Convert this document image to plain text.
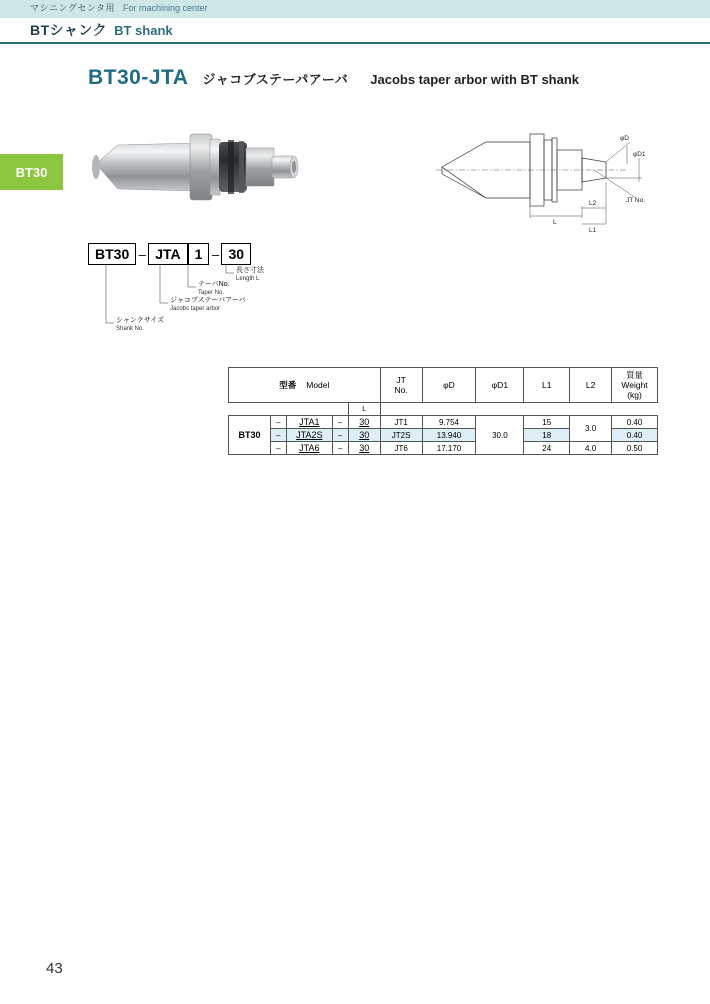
マシニングセンタ用 For machining center
BTシャンク BT shank
BT30-JTA ジャコブステーパアーバ Jacobs taper arbor with BT shank
BT30
φD
φD1
JT No.
L
L2
L1
BT30 – JTA	1 – 30
長さ寸法
Length L
テーパNo.
Taper No.
ジャコブステーパアーバ
Jacobs taper arbor
シャンクサイズ
Shank No.
型番 Model	
JT
No.
	φD	φD1	L1	L2	
質量
Weight
(kg)

				L						
BT30	–	JTA1	–	30	JT1	9.754	30.0	15	3.0	0.40
	–	JTA2S	–	30	JT2S	13.940		18		0.40
	–	JTA6	–	30	JT6	17.170		24	4.0	0.50
43
